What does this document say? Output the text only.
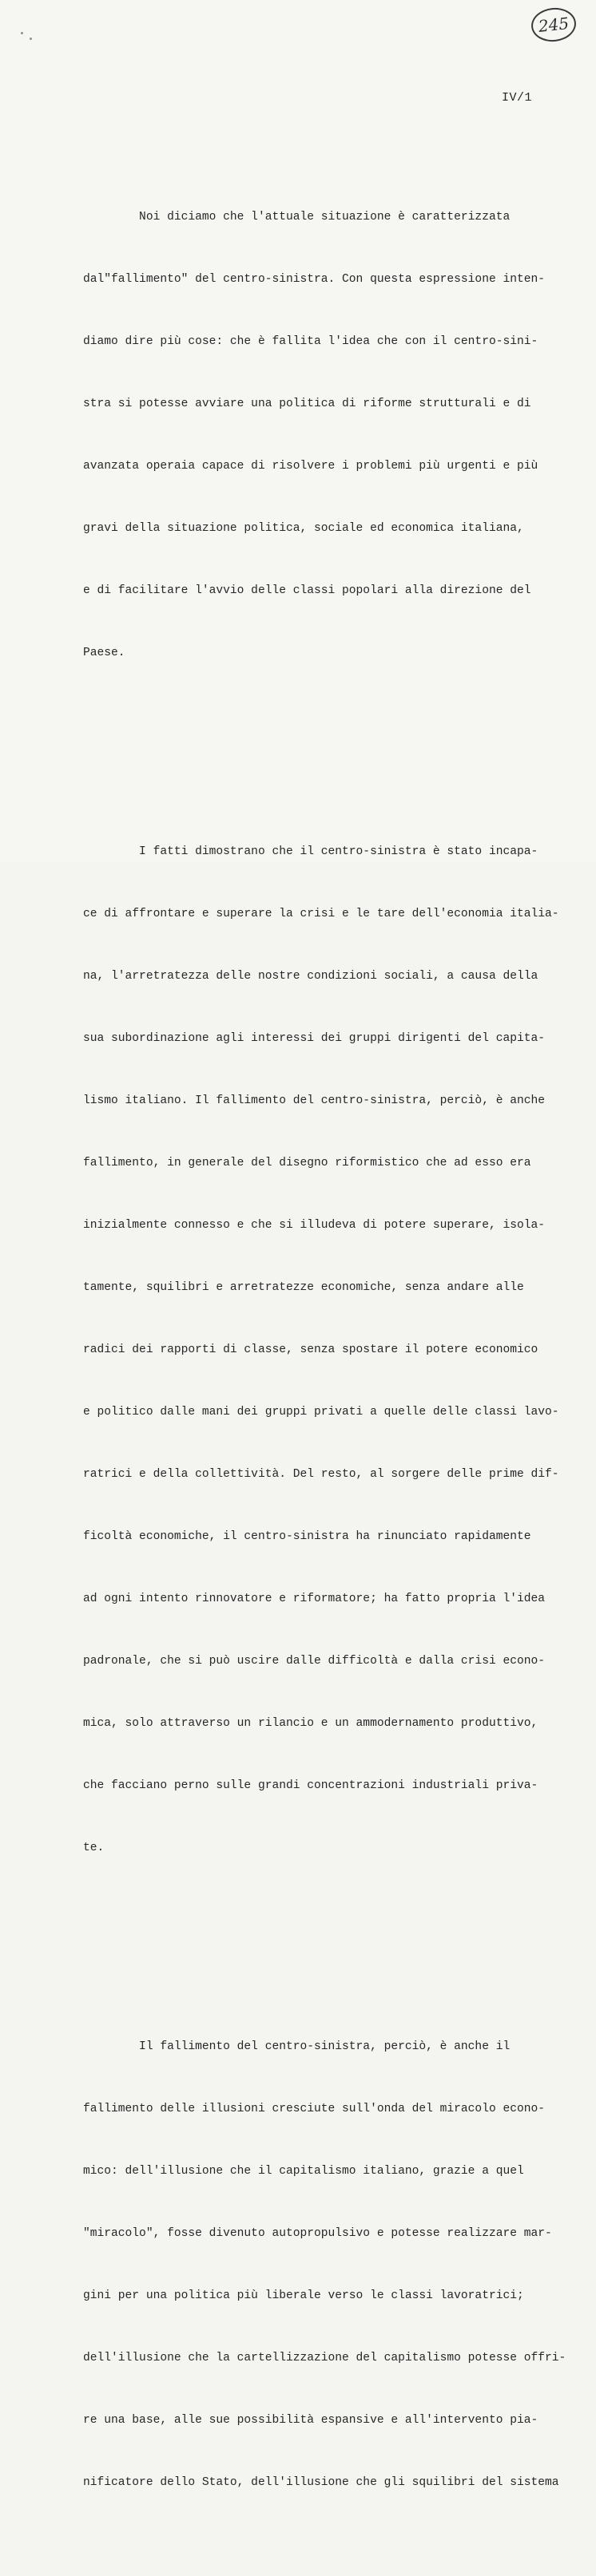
245
IV/1

Noi diciamo che l'attuale situazione è caratterizzata

dal"fallimento" del centro-sinistra. Con questa espressione inten-

diamo dire più cose: che è fallita l'idea che con il centro-sini-

stra si potesse avviare una politica di riforme strutturali e di

avanzata operaia capace di risolvere i problemi più urgenti e più

gravi della situazione politica, sociale ed economica italiana,

e di facilitare l'avvio delle classi popolari alla direzione del

Paese.

I fatti dimostrano che il centro-sinistra è stato incapa-

ce di affrontare e superare la crisi e le tare dell'economia italia-

na, l'arretratezza delle nostre condizioni sociali, a causa della

sua subordinazione agli interessi dei gruppi dirigenti del capita-

lismo italiano. Il fallimento del centro-sinistra, perciò, è anche

fallimento, in generale del disegno riformistico che ad esso era

inizialmente connesso e che si illudeva di potere superare, isola-

tamente, squilibri e arretratezze economiche, senza andare alle

radici dei rapporti di classe, senza spostare il potere economico

e politico dalle mani dei gruppi privati a quelle delle classi lavo-

ratrici e della collettività. Del resto, al sorgere delle prime dif-

ficoltà economiche, il centro-sinistra ha rinunciato rapidamente

ad ogni intento rinnovatore e riformatore; ha fatto propria l'idea

padronale, che si può uscire dalle difficoltà e dalla crisi econo-

mica, solo attraverso un rilancio e un ammodernamento produttivo,

che facciano perno sulle grandi concentrazioni industriali priva-

te.

Il fallimento del centro-sinistra, perciò, è anche il

fallimento delle illusioni cresciute sull'onda del miracolo econo-

mico: dell'illusione che il capitalismo italiano, grazie a quel

"miracolo", fosse divenuto autopropulsivo e potesse realizzare mar-

gini per una politica più liberale verso le classi lavoratrici;

dell'illusione che la cartellizzazione del capitalismo potesse offri-

re una base, alle sue possibilità espansive e all'intervento pia-

nificatore dello Stato, dell'illusione che gli squilibri del sistema
